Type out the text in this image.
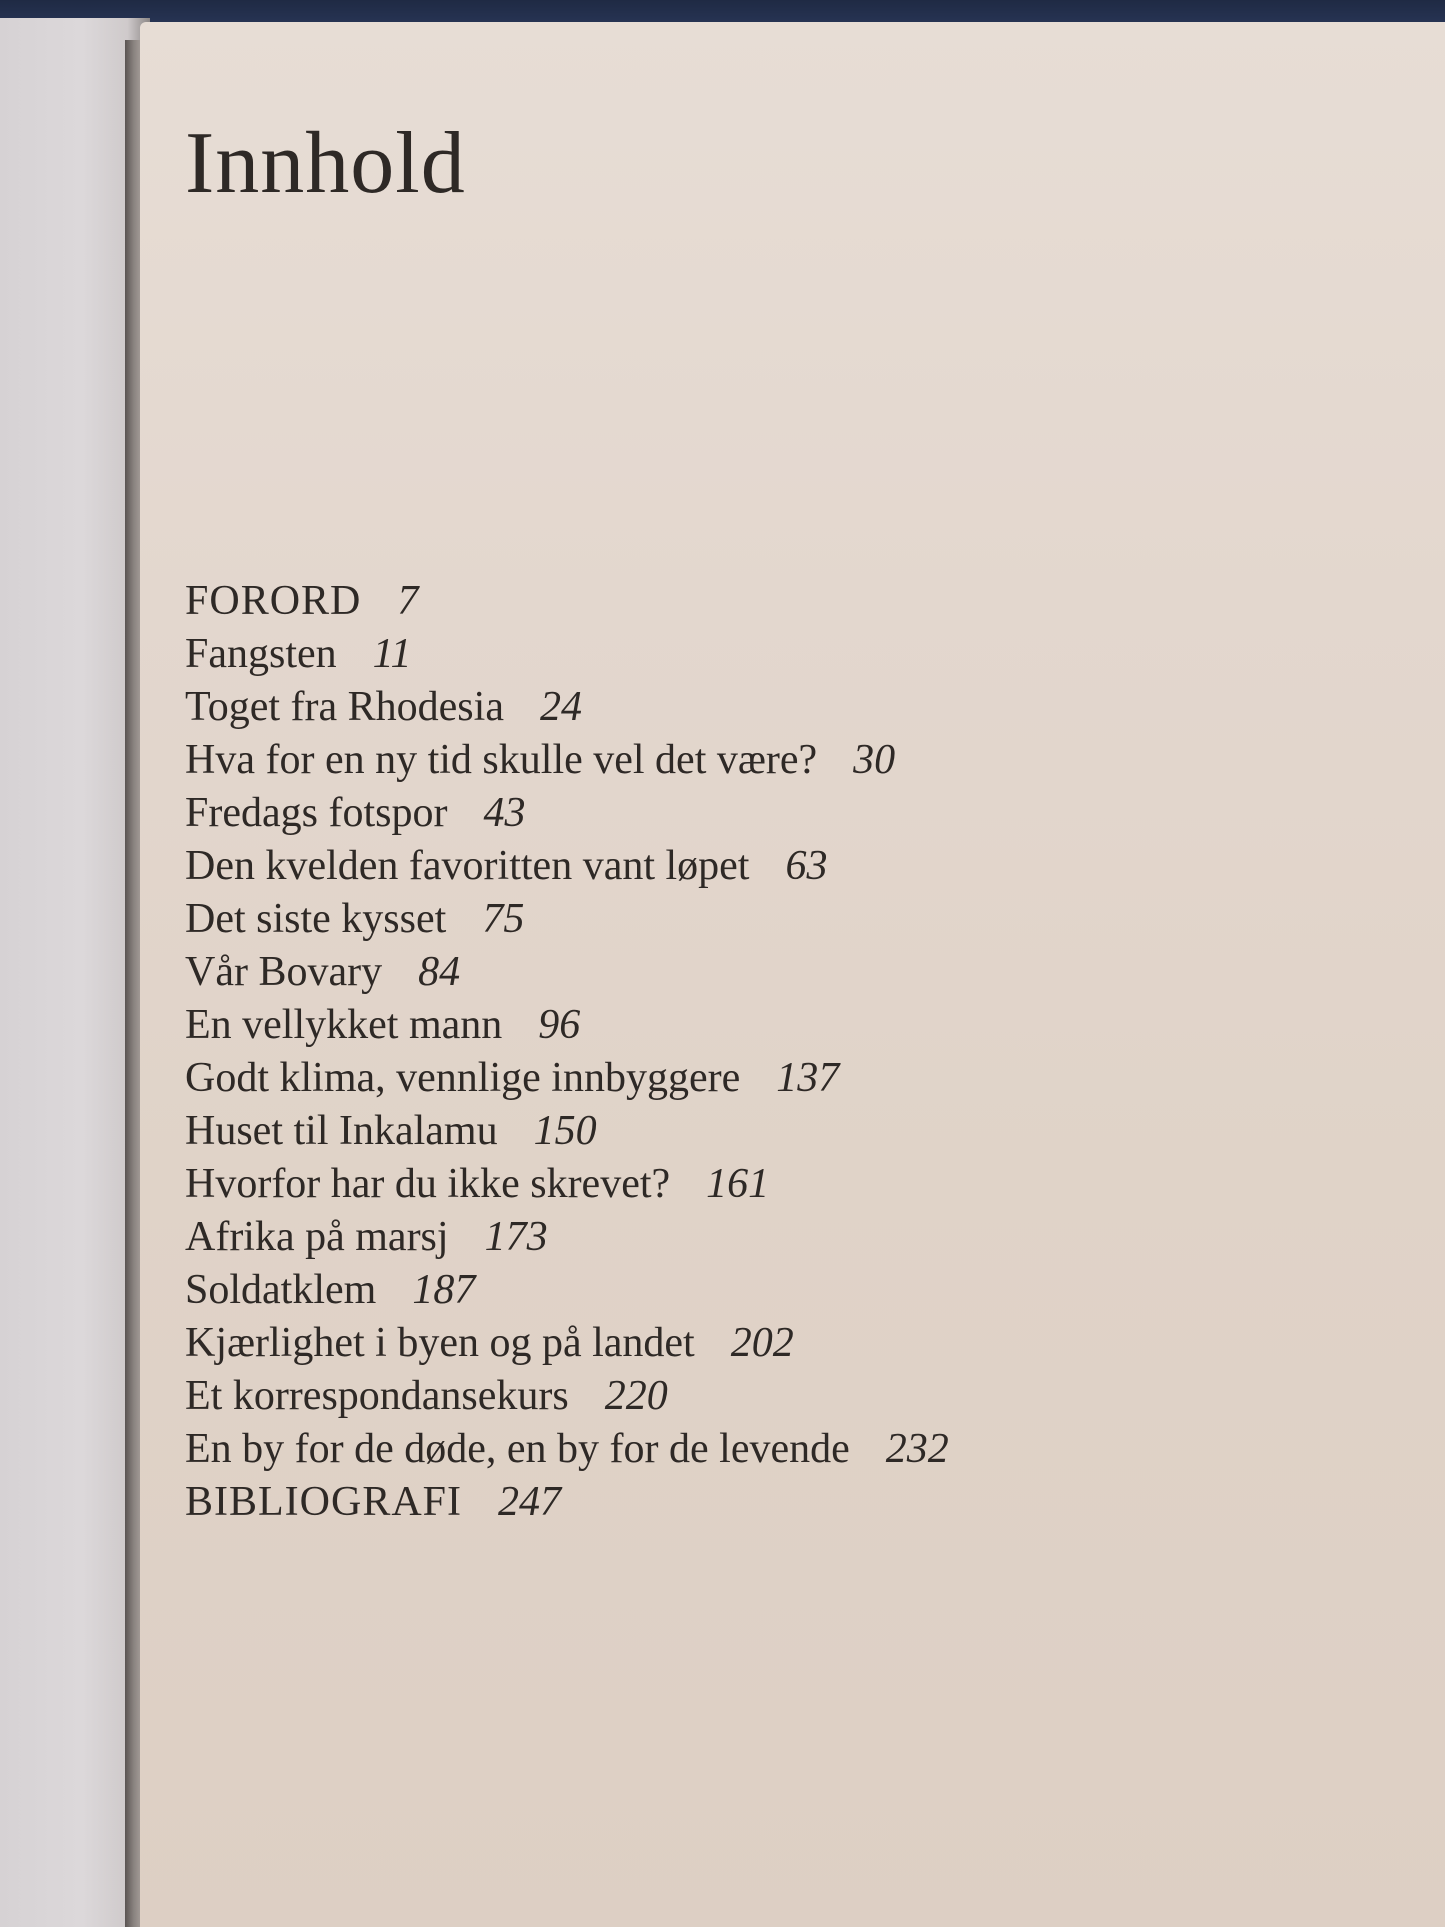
Innhold
FORORD 7
Fangsten 11
Toget fra Rhodesia 24
Hva for en ny tid skulle vel det være? 30
Fredags fotspor 43
Den kvelden favoritten vant løpet 63
Det siste kysset 75
Vår Bovary 84
En vellykket mann 96
Godt klima, vennlige innbyggere 137
Huset til Inkalamu 150
Hvorfor har du ikke skrevet? 161
Afrika på marsj 173
Soldatklem 187
Kjærlighet i byen og på landet 202
Et korrespondansekurs 220
En by for de døde, en by for de levende 232
BIBLIOGRAFI 247
